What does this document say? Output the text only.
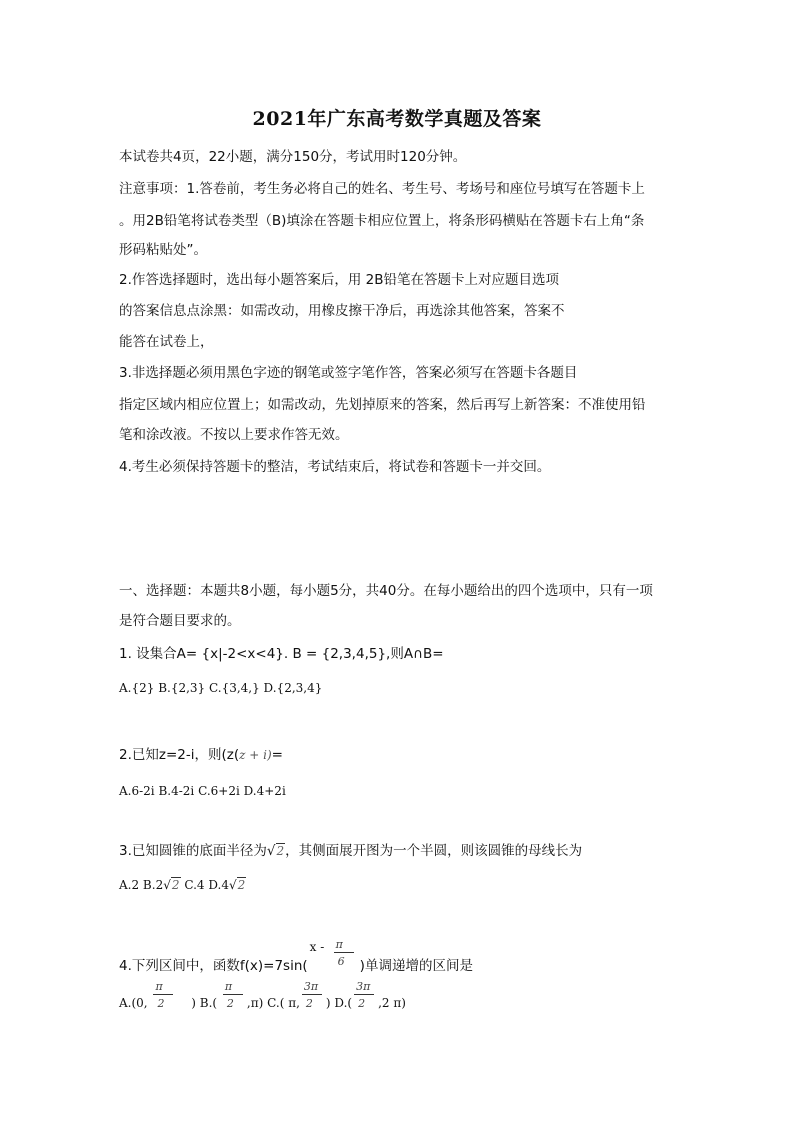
2021年广东高考数学真题及答案
本试卷共4页，22小题，满分150分，考试用时120分钟。
注意事项：1.答卷前，考生务必将自己的姓名、考生号、考场号和座位号填写在答题卡上
。用2B铅笔将试卷类型（B)填涂在答题卡相应位置上，将条形码横贴在答题卡右上角“条
形码粘贴处”。
2.作答选择题时，选出每小题答案后，用 2B铅笔在答题卡上对应题目选项
的答案信息点涂黑：如需改动，用橡皮擦干净后，再选涂其他答案，答案不
能答在试卷上，
3.非选择题必须用黑色字迹的钢笔或签字笔作答，答案必须写在答题卡各题目
指定区域内相应位置上；如需改动，先划掉原来的答案，然后再写上新答案：不准使用铅
笔和涂改液。不按以上要求作答无效。
4.考生必须保持答题卡的整洁，考试结束后，将试卷和答题卡一并交回。
一、选择题：本题共8小题，每小题5分，共40分。在每小题给出的四个选项中，只有一项
是符合题目要求的。
1. 设集合A= {x|-2<x<4}. B = {2,3,4,5},则A∩B=
A.{2} B.{2,3} C.{3,4,} D.{2,3,4}
2.已知z=2-i，则(z(z + i)=
A.6-2i B.4-2i C.6+2i D.4+2i
3.已知圆锥的底面半径为√2，其侧面展开图为一个半圆，则该圆锥的母线长为
A.2 B.2√2 C.4 D.4√2
4.下列区间中，函数f(x)=7sin(
x - π
6 )单调递增的区间是
A.(0, $\frac{\pi}{2}$ ) $B.( \frac{\pi}{2} ,\pi)$ C.( π, $\frac{3\pi}{2}$ ) $D.( \frac{3\pi}{2} ,2$ π)
